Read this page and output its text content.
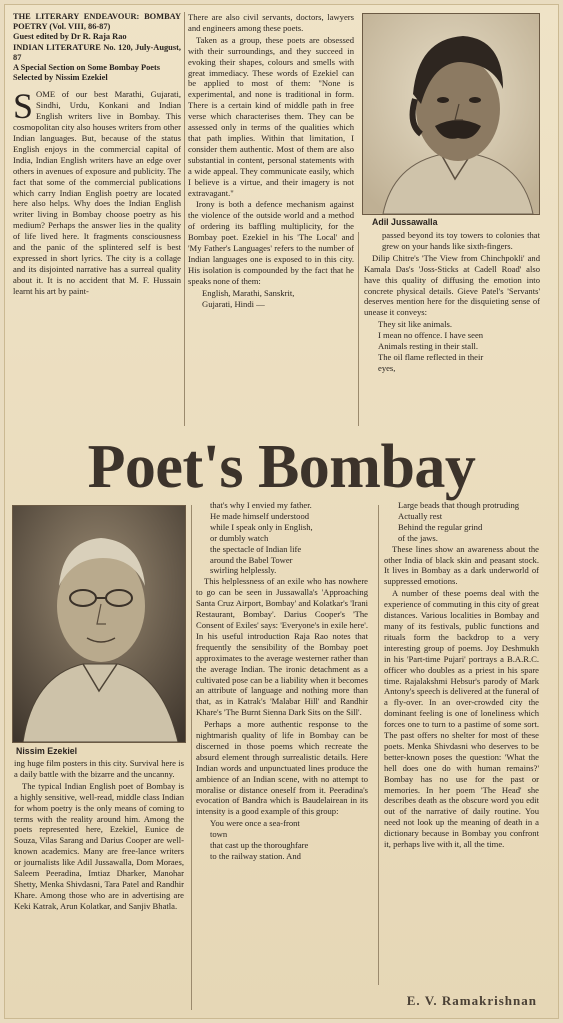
THE LITERARY ENDEAVOUR: BOMBAY POETRY (Vol. VIII, 86-87)
Guest edited by Dr R. Raja Rao
INDIAN LITERATURE No. 120, July-August, 87
A Special Section on Some Bombay Poets
Selected by Nissim Ezekiel

SOME of our best Marathi, Gujarati, Sindhi, Urdu, Konkani and Indian English writers live in Bombay. This cosmopolitan city also houses writers from other Indian languages. But, because of the status English enjoys in the commercial capital of India, Indian English writers have an edge over others in avenues of exposure and publicity. The fact that some of the commercial publications which carry Indian English poetry are located here also helps. Why does the Indian English writer living in Bombay choose poetry as his medium? Perhaps the answer lies in the quality of life lived here. It fragments consciousness and the panic of the splintered self is best expressed in short lyrics. The city is a collage and its disjointed narrative has a surreal quality about it. It is no accident that M. F. Hussain learnt his art by paint-

There are also civil servants, doctors, lawyers and engineers among these poets.

Taken as a group, these poets are obsessed with their surroundings, and they succeed in evoking their shapes, colours and smells with great immediacy. These words of Ezekiel can be applied to most of them: "None is experimental, and none is traditional in form. There is a certain kind of middle path in free verse which characterises them. They can be assessed only in terms of the qualities which that path implies. Within that limitation, I consider them authentic. Most of them are also substantial in content, personal statements with a wide appeal. They communicate easily, which I believe is a virtue, and their imagery is not extravagant."

Irony is both a defence mechanism against the violence of the outside world and a method of ordering its baffling multiplicity, for the Bombay poet. Ezekiel in his 'The Local' and 'My Father's Languages' refers to the number of Indian languages one is exposed to in this city. His isolation is compounded by the fact that he speaks none of them:

English, Marathi, Sanskrit,
Gujarati, Hindi —
Adil Jussawalla

passed beyond its toy towers to colonies that grew on your hands like sixth-fingers.

Dilip Chitre's 'The View from Chinchpokli' and Kamala Das's 'Joss-Sticks at Cadell Road' also have this quality of diffusing the emotion into concrete physical details. Gieve Patel's 'Servants' deserves mention here for the disquieting sense of unease it conveys:

They sit like animals.
I mean no offence. I have seen
Animals resting in their stall.
The oil flame reflected in their
eyes,
Poet's Bombay
Nissim Ezekiel

ing huge film posters in this city. Survival here is a daily battle with the bizarre and the uncanny.

The typical Indian English poet of Bombay is a highly sensitive, well-read, middle class Indian for whom poetry is the only means of coming to terms with the reality around him. Among the poets represented here, Ezekiel, Eunice de Souza, Vilas Sarang and Darius Cooper are well-known academics. Many are free-lance writers or journalists like Adil Jussawalla, Dom Moraes, Saleem Peeradina, Imtiaz Dharker, Manohar Shetty, Menka Shivdasni, Tara Patel and Randhir Khare. Among those who are in advertising are Keki Katrak, Arun Kolatkar, and Sanjiv Bhatla.

that's why I envied my father.
He made himself understood
while I speak only in English,
or dumbly watch
the spectacle of Indian life
around the Babel Tower
swirling helplessly.

This helplessness of an exile who has nowhere to go can be seen in Jussawalla's 'Approaching Santa Cruz Airport, Bombay' and Kolatkar's 'Irani Restaurant, Bombay'. Darius Cooper's 'The Consent of Exiles' says: 'Everyone's in exile here'. In his useful introduction Raja Rao notes that frequently the sensibility of the Bombay poet approximates to the average westerner rather than the average Indian. The ironic detachment as a cultivated pose can be a liability when it becomes an attribute of language and nothing more than that, as in Katrak's 'Malabar Hill' and Randhir Khare's 'The Burnt Sienna Dark Sits on the Sill'.

Perhaps a more authentic response to the nightmarish quality of life in Bombay can be discerned in those poems which recreate the absurd element through surrealistic details. Here Indian words and unpunctuated lines produce the ambience of an Indian scene, with no attempt to moralise or distance oneself from it. Peeradina's evocation of Bandra which is Baudelairean in its intensity is a good example of this group:

You were once a sea-front
town
that cast up the thoroughfare
to the railway station. And
Large beads that though protruding
Actually rest
Behind the regular grind
of the jaws.

These lines show an awareness about the other India of black skin and peasant stock. It lives in Bombay as a dark underworld of suppressed emotions.

A number of these poems deal with the experience of commuting in this city of great distances. Various localities in Bombay and many of its festivals, public functions and rituals form the backdrop to a very interesting group of poems. Joy Deshmukh in his 'Part-time Pujari' portrays a B.A.R.C. officer who doubles as a priest in his spare time. Rajalakshmi Hebsur's parody of Mark Antony's speech is delivered at the funeral of a fly-over. In an over-crowded city the dominant feeling is one of loneliness which forces one to turn to a pastime of some sort. The past offers no shelter for most of these poets. Menka Shivdasni who deserves to be better-known poses the question: 'What the hell does one do with human remains?' Bombay has no use for the past or memories. In her poem 'The Head' she describes death as the obscure word you edit out of the narrative of daily routine. You need not look up the meaning of death in a dictionary because in Bombay you confront it, perhaps live with it, all the time.

E. V. Ramakrishnan
